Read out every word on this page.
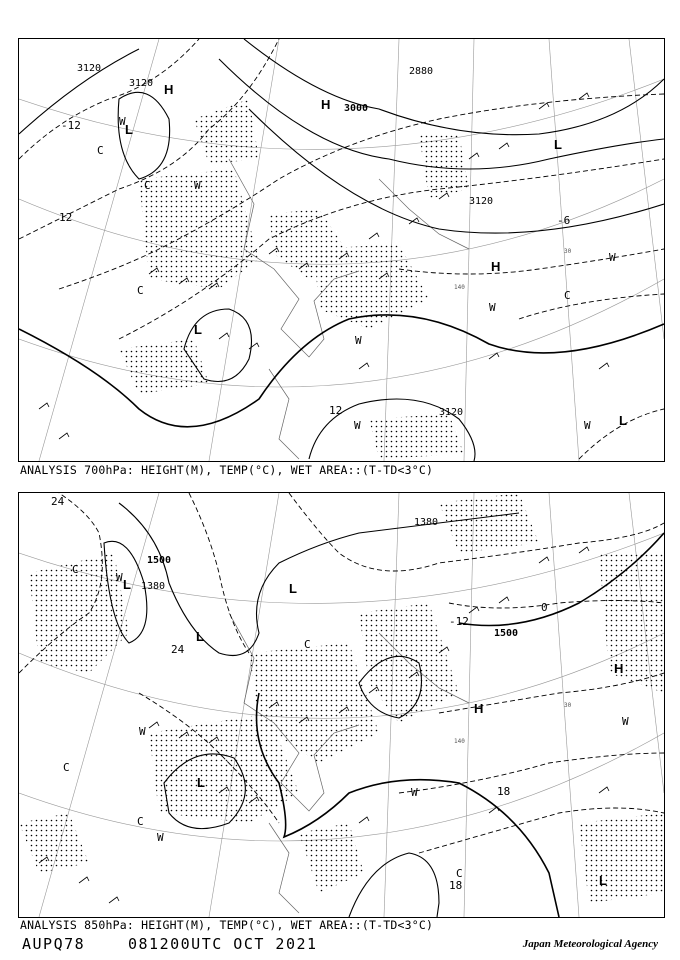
3120
3120
3000
2880
3120
3120
-12
12
12
-6
140
30
L
L
H
H
L
H
L
W
C
W
C
C
W
W
C
W
W	W
ANALYSIS 700hPa: HEIGHT(M), TEMP(°C), WET AREA::(T-TD<3°C)
1500
1380
1380
1500
24
24
0
-12
18
18
140
30
L
L
L
H
H
L
L
W
C
C
W
W
C
C
W
C
W
ANALYSIS 850hPa: HEIGHT(M), TEMP(°C), WET AREA::(T-TD<3°C)
AUPQ78	081200UTC OCT 2021	Japan Meteorological Agency
